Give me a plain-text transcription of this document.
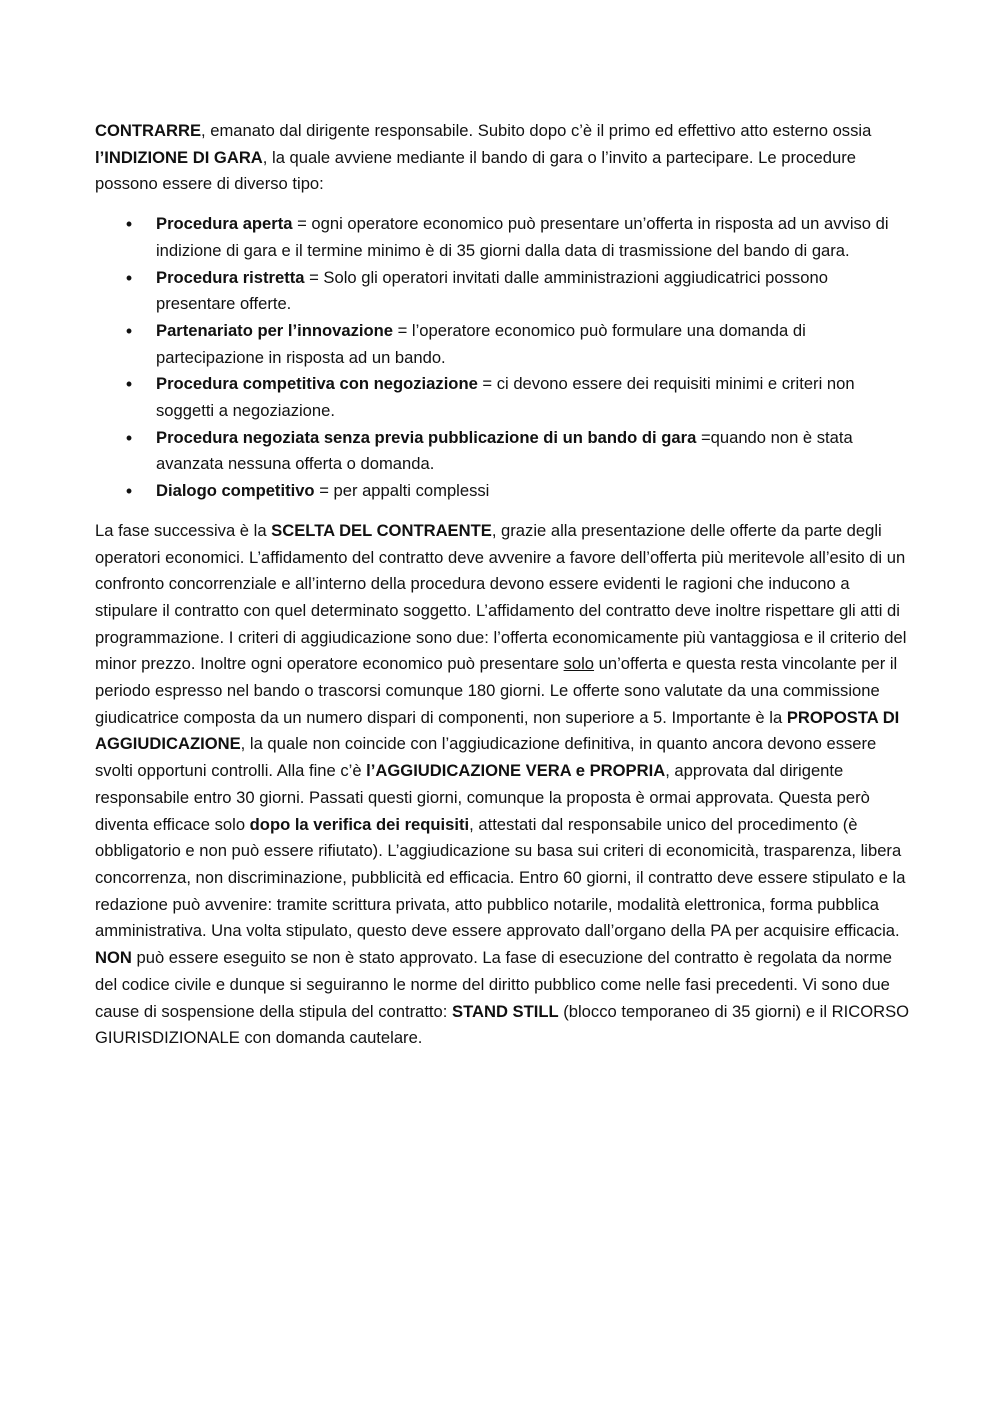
CONTRARRE, emanato dal dirigente responsabile. Subito dopo c’è il primo ed effettivo atto esterno ossia l’INDIZIONE DI GARA, la quale avviene mediante il bando di gara o l’invito a partecipare. Le procedure possono essere di diverso tipo:

• Procedura aperta = ogni operatore economico può presentare un’offerta in risposta ad un avviso di indizione di gara e il termine minimo è di 35 giorni dalla data di trasmissione del bando di gara.
• Procedura ristretta = Solo gli operatori invitati dalle amministrazioni aggiudicatrici possono presentare offerte.
• Partenariato per l’innovazione = l’operatore economico può formulare una domanda di partecipazione in risposta ad un bando.
• Procedura competitiva con negoziazione = ci devono essere dei requisiti minimi e criteri non soggetti a negoziazione.
• Procedura negoziata senza previa pubblicazione di un bando di gara =quando non è stata avanzata nessuna offerta o domanda.
• Dialogo competitivo = per appalti complessi

La fase successiva è la SCELTA DEL CONTRAENTE, grazie alla presentazione delle offerte da parte degli operatori economici. L’affidamento del contratto deve avvenire a favore dell’offerta più meritevole all’esito di un confronto concorrenziale e all’interno della procedura devono essere evidenti le ragioni che inducono a stipulare il contratto con quel determinato soggetto. L’affidamento del contratto deve inoltre rispettare gli atti di programmazione. I criteri di aggiudicazione sono due: l’offerta economicamente più vantaggiosa e il criterio del minor prezzo. Inoltre ogni operatore economico può presentare solo un’offerta e questa resta vincolante per il periodo espresso nel bando o trascorsi comunque 180 giorni. Le offerte sono valutate da una commissione giudicatrice composta da un numero dispari di componenti, non superiore a 5. Importante è la PROPOSTA DI AGGIUDICAZIONE, la quale non coincide con l’aggiudicazione definitiva, in quanto ancora devono essere svolti opportuni controlli. Alla fine c’è l’AGGIUDICAZIONE VERA e PROPRIA, approvata dal dirigente responsabile entro 30 giorni. Passati questi giorni, comunque la proposta è ormai approvata. Questa però diventa efficace solo dopo la verifica dei requisiti, attestati dal responsabile unico del procedimento (è obbligatorio e non può essere rifiutato). L’aggiudicazione su basa sui criteri di economicità, trasparenza, libera concorrenza, non discriminazione, pubblicità ed efficacia. Entro 60 giorni, il contratto deve essere stipulato e la redazione può avvenire: tramite scrittura privata, atto pubblico notarile, modalità elettronica, forma pubblica amministrativa. Una volta stipulato, questo deve essere approvato dall’organo della PA per acquisire efficacia. NON può essere eseguito se non è stato approvato. La fase di esecuzione del contratto è regolata da norme del codice civile e dunque si seguiranno le norme del diritto pubblico come nelle fasi precedenti. Vi sono due cause di sospensione della stipula del contratto: STAND STILL (blocco temporaneo di 35 giorni) e il RICORSO GIURISDIZIONALE con domanda cautelare.
